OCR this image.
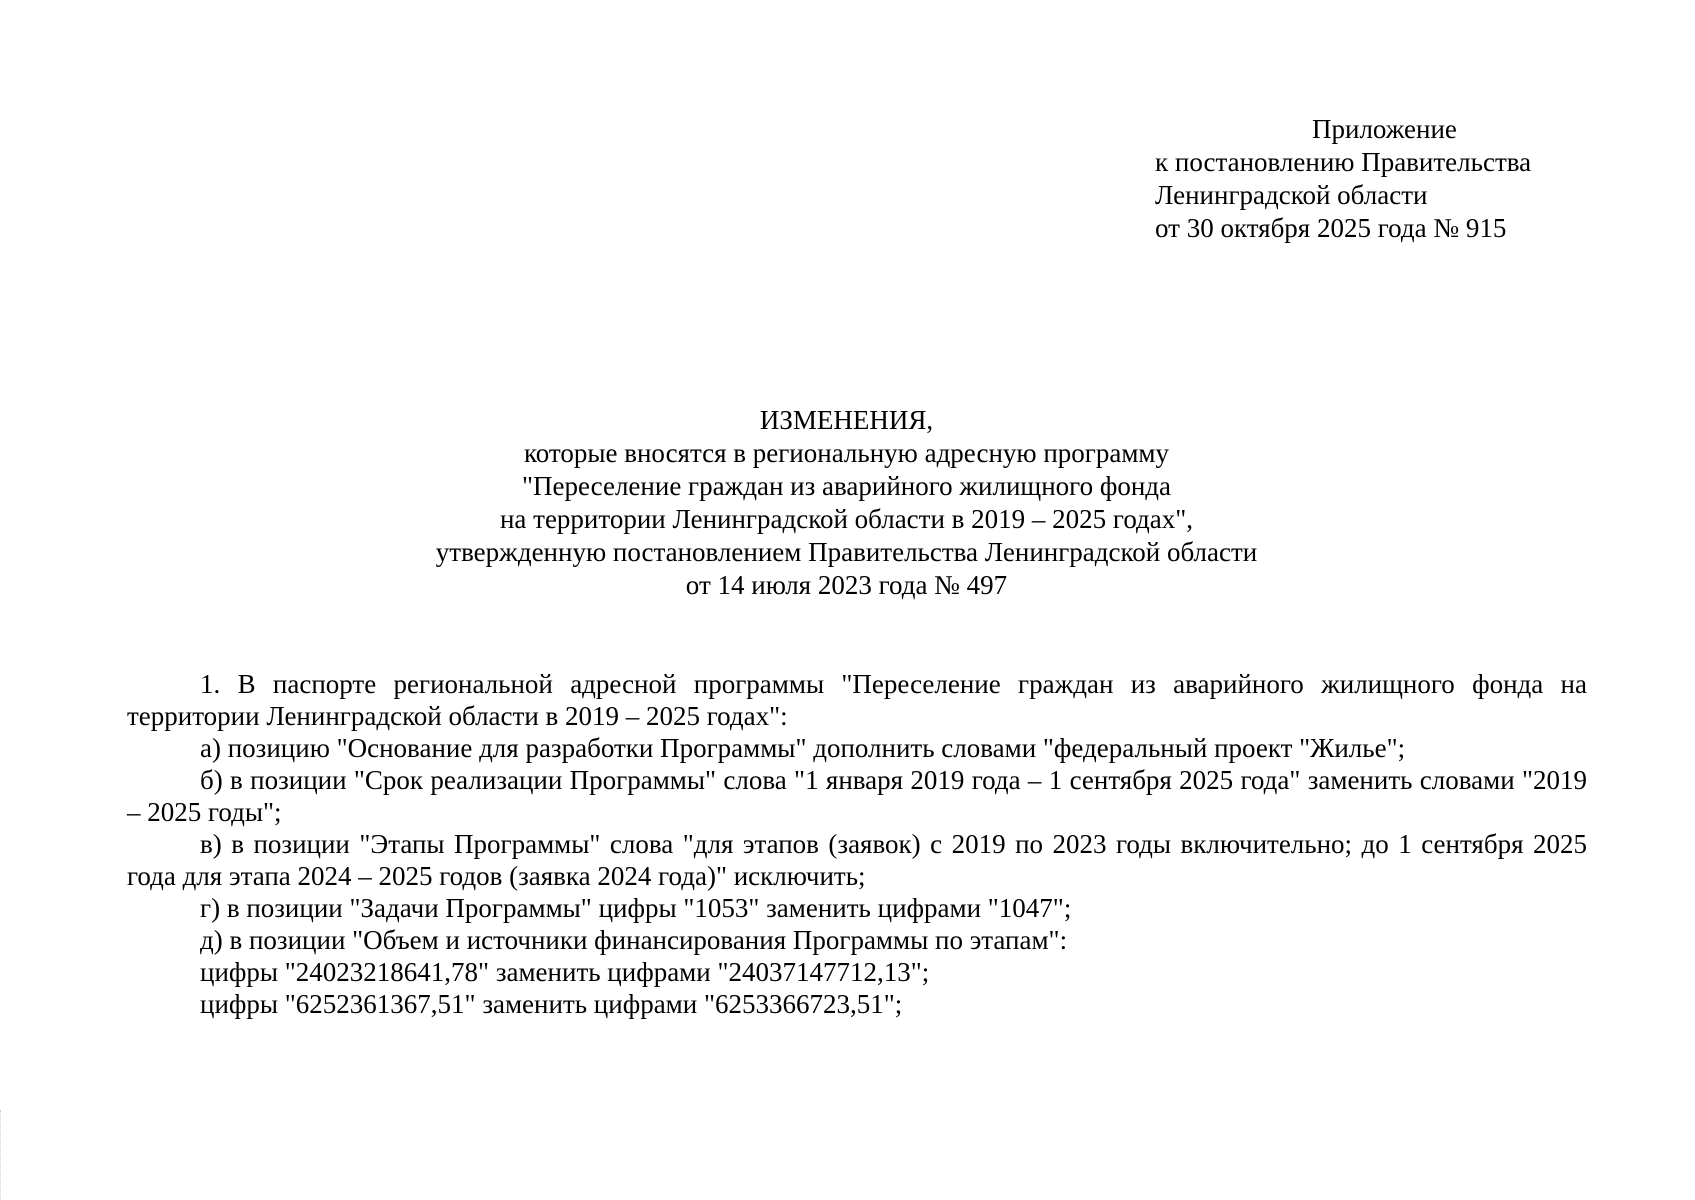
Приложение
к постановлению Правительства
Ленинградской области
от 30 октября 2025 года № 915
ИЗМЕНЕНИЯ,
которые вносятся в региональную адресную программу
"Переселение граждан из аварийного жилищного фонда
на территории Ленинградской области в 2019 – 2025 годах",
утвержденную постановлением Правительства Ленинградской области
от 14 июля 2023 года № 497

1. В паспорте региональной адресной программы "Переселение граждан из аварийного жилищного фонда на территории Ленинградской области в 2019 – 2025 годах":

а) позицию "Основание для разработки Программы" дополнить словами "федеральный проект "Жилье";

б) в позиции "Срок реализации Программы" слова "1 января 2019 года – 1 сентября 2025 года" заменить словами "2019 – 2025 годы";

в) в позиции "Этапы Программы" слова "для этапов (заявок) с 2019 по 2023 годы включительно; до 1 сентября 2025 года для этапа 2024 – 2025 годов (заявка 2024 года)" исключить;

г) в позиции "Задачи Программы" цифры "1053" заменить цифрами "1047";
д) в позиции "Объем и источники финансирования Программы по этапам":
цифры "24023218641,78" заменить цифрами "24037147712,13";
цифры "6252361367,51" заменить цифрами "6253366723,51";
